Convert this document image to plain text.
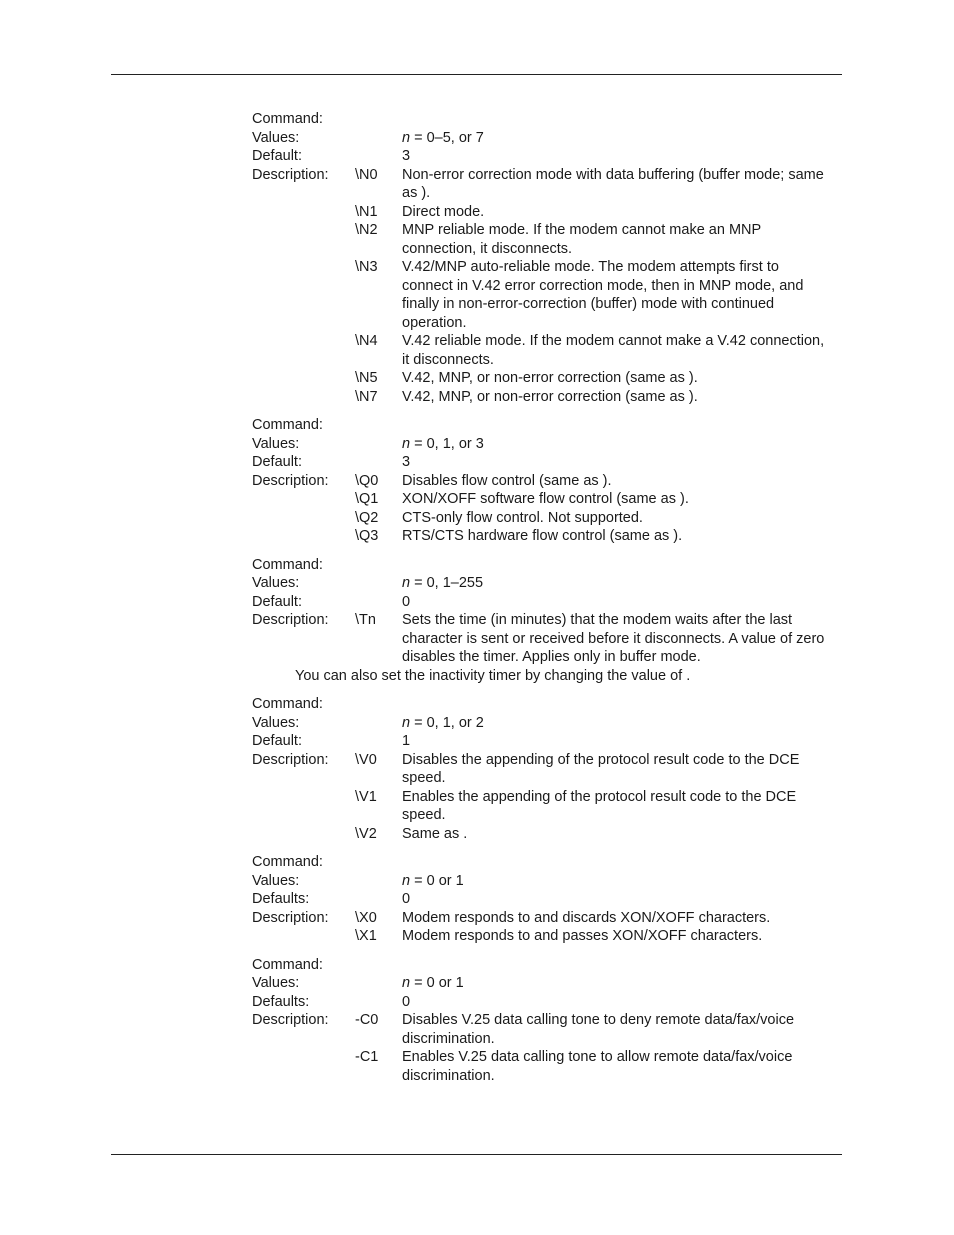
Command:
Values:	n = 0–5, or 7
Default:	3
Description:	\N0	Non-error correction mode with data buffering (buffer mode; same as ).
\N1	Direct mode.
\N2	MNP reliable mode. If the modem cannot make an MNP connection, it disconnects.
\N3	V.42/MNP auto-reliable mode. The modem attempts first to connect in V.42 error correction mode, then in MNP mode, and finally in non-error-correction (buffer) mode with continued operation.
\N4	V.42 reliable mode. If the modem cannot make a V.42 connection, it disconnects.
\N5	V.42, MNP, or non-error correction (same as ).
\N7	V.42, MNP, or non-error correction (same as ).
Command:
Values:	n = 0, 1, or 3
Default:	3
Description:	\Q0	Disables flow control (same as ).
\Q1	XON/XOFF software flow control (same as ).
\Q2	CTS-only flow control. Not supported.
\Q3	RTS/CTS hardware flow control (same as ).
Command:
Values:	n = 0, 1–255
Default:	0
Description:	\Tn	Sets the time (in minutes) that the modem waits after the last character is sent or received before it disconnects. A value of zero disables the timer. Applies only in buffer mode.
You can also set the inactivity timer by changing the value of .
Command:
Values:	n = 0, 1, or 2
Default:	1
Description:	\V0	Disables the appending of the protocol result code to the DCE speed.
\V1	Enables the appending of the protocol result code to the DCE speed.
\V2	Same as .
Command:
Values:	n = 0 or 1
Defaults:	0
Description:	\X0	Modem responds to and discards XON/XOFF characters.
\X1	Modem responds to and passes XON/XOFF characters.
Command:
Values:	n = 0 or 1
Defaults:	0
Description:	-C0	Disables V.25 data calling tone to deny remote data/fax/voice discrimination.
-C1	Enables V.25 data calling tone to allow remote data/fax/voice discrimination.
